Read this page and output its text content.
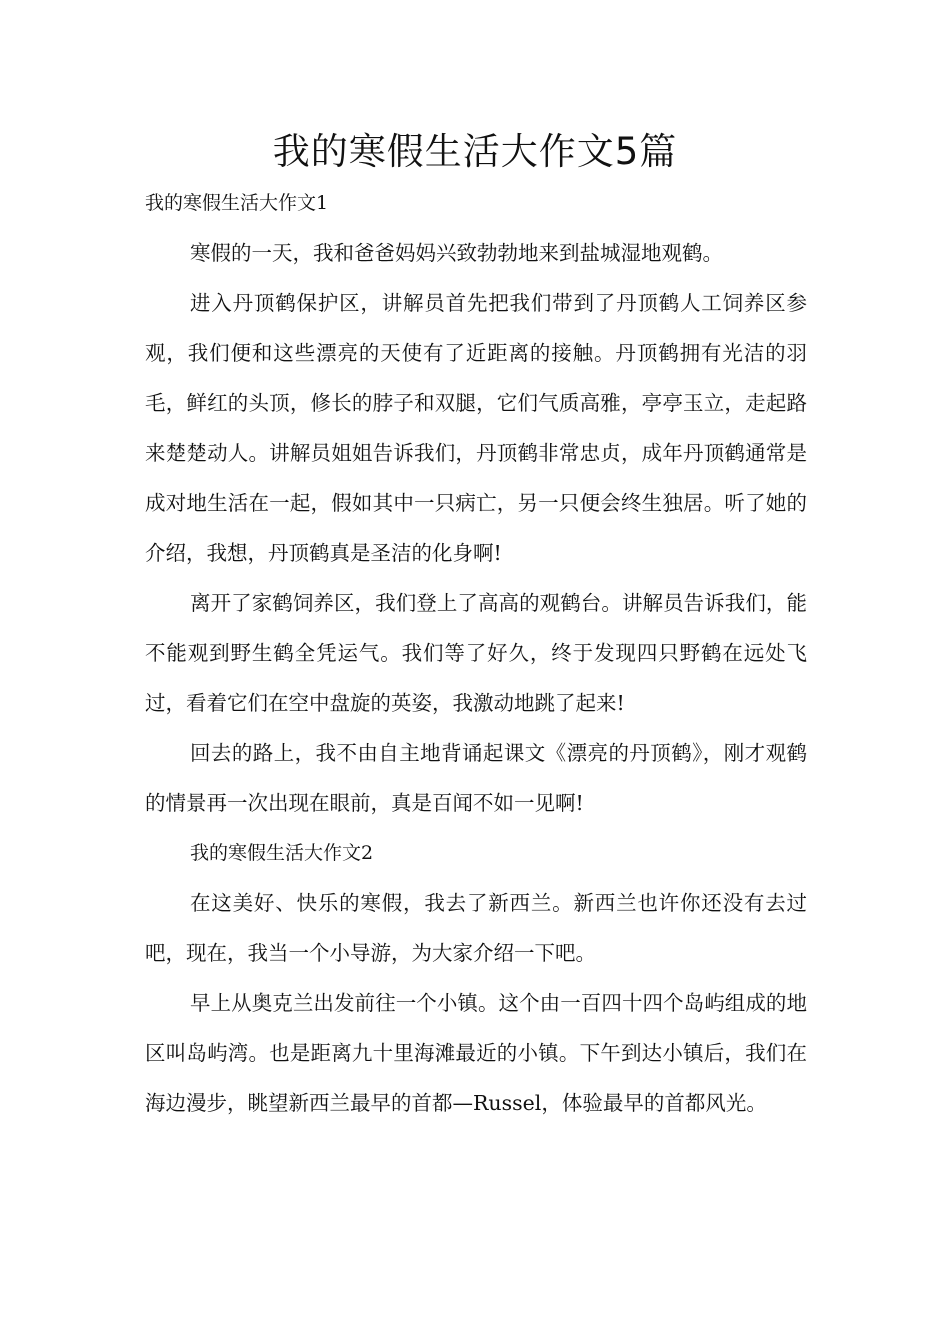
我的寒假生活大作文5篇

我的寒假生活大作文1

寒假的一天，我和爸爸妈妈兴致勃勃地来到盐城湿地观鹤。

进入丹顶鹤保护区，讲解员首先把我们带到了丹顶鹤人工饲养区参观，我们便和这些漂亮的天使有了近距离的接触。丹顶鹤拥有光洁的羽毛，鲜红的头顶，修长的脖子和双腿，它们气质高雅，亭亭玉立，走起路来楚楚动人。讲解员姐姐告诉我们，丹顶鹤非常忠贞，成年丹顶鹤通常是成对地生活在一起，假如其中一只病亡，另一只便会终生独居。听了她的介绍，我想，丹顶鹤真是圣洁的化身啊!

离开了家鹤饲养区，我们登上了高高的观鹤台。讲解员告诉我们，能不能观到野生鹤全凭运气。我们等了好久，终于发现四只野鹤在远处飞过，看着它们在空中盘旋的英姿，我激动地跳了起来!

回去的路上，我不由自主地背诵起课文《漂亮的丹顶鹤》，刚才观鹤的情景再一次出现在眼前，真是百闻不如一见啊!

我的寒假生活大作文2

在这美好、快乐的寒假，我去了新西兰。新西兰也许你还没有去过吧，现在，我当一个小导游，为大家介绍一下吧。

早上从奥克兰出发前往一个小镇。这个由一百四十四个岛屿组成的地区叫岛屿湾。也是距离九十里海滩最近的小镇。下午到达小镇后，我们在海边漫步，眺望新西兰最早的首都—Russel，体验最早的首都风光。
